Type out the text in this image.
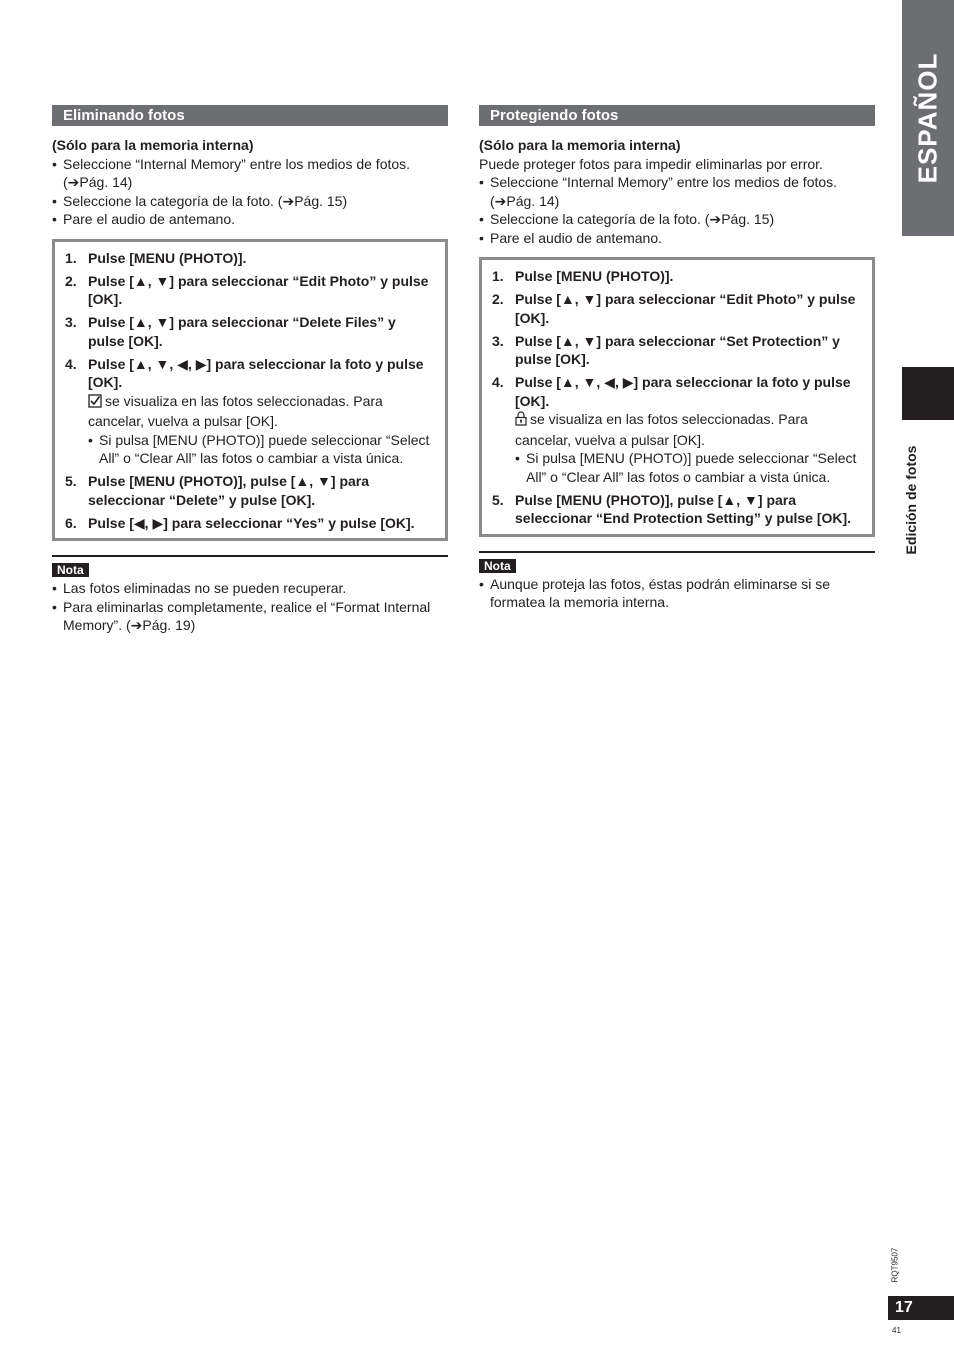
Eliminando fotos
(Sólo para la memoria interna)
• Seleccione “Internal Memory” entre los medios de fotos. (➔Pág. 14)
• Seleccione la categoría de la foto. (➔Pág. 15)
• Pare el audio de antemano.
1. Pulse [MENU (PHOTO)].
2. Pulse [▲, ▼] para seleccionar “Edit Photo” y pulse [OK].
3. Pulse [▲, ▼] para seleccionar “Delete Files” y pulse [OK].
4. Pulse [▲, ▼, ◀, ▶] para seleccionar la foto y pulse [OK].
se visualiza en las fotos seleccionadas. Para cancelar, vuelva a pulsar [OK].
• Si pulsa [MENU (PHOTO)] puede seleccionar “Select All” o “Clear All” las fotos o cambiar a vista única.
5. Pulse [MENU (PHOTO)], pulse [▲, ▼] para seleccionar “Delete” y pulse [OK].
6. Pulse [◀, ▶] para seleccionar “Yes” y pulse [OK].
Nota
• Las fotos eliminadas no se pueden recuperar.
• Para eliminarlas completamente, realice el “Format Internal Memory”. (➔Pág. 19)
Protegiendo fotos
(Sólo para la memoria interna)
Puede proteger fotos para impedir eliminarlas por error.
• Seleccione “Internal Memory” entre los medios de fotos. (➔Pág. 14)
• Seleccione la categoría de la foto. (➔Pág. 15)
• Pare el audio de antemano.
1. Pulse [MENU (PHOTO)].
2. Pulse [▲, ▼] para seleccionar “Edit Photo” y pulse [OK].
3. Pulse [▲, ▼] para seleccionar “Set Protection” y pulse [OK].
4. Pulse [▲, ▼, ◀, ▶] para seleccionar la foto y pulse [OK].
se visualiza en las fotos seleccionadas. Para cancelar, vuelva a pulsar [OK].
• Si pulsa [MENU (PHOTO)] puede seleccionar “Select All” o “Clear All” las fotos o cambiar a vista única.
5. Pulse [MENU (PHOTO)], pulse [▲, ▼] para seleccionar “End Protection Setting” y pulse [OK].
Nota
• Aunque proteja las fotos, éstas podrán eliminarse si se formatea la memoria interna.
ESPAÑOL
Edición de fotos
RQT9507
17
41
